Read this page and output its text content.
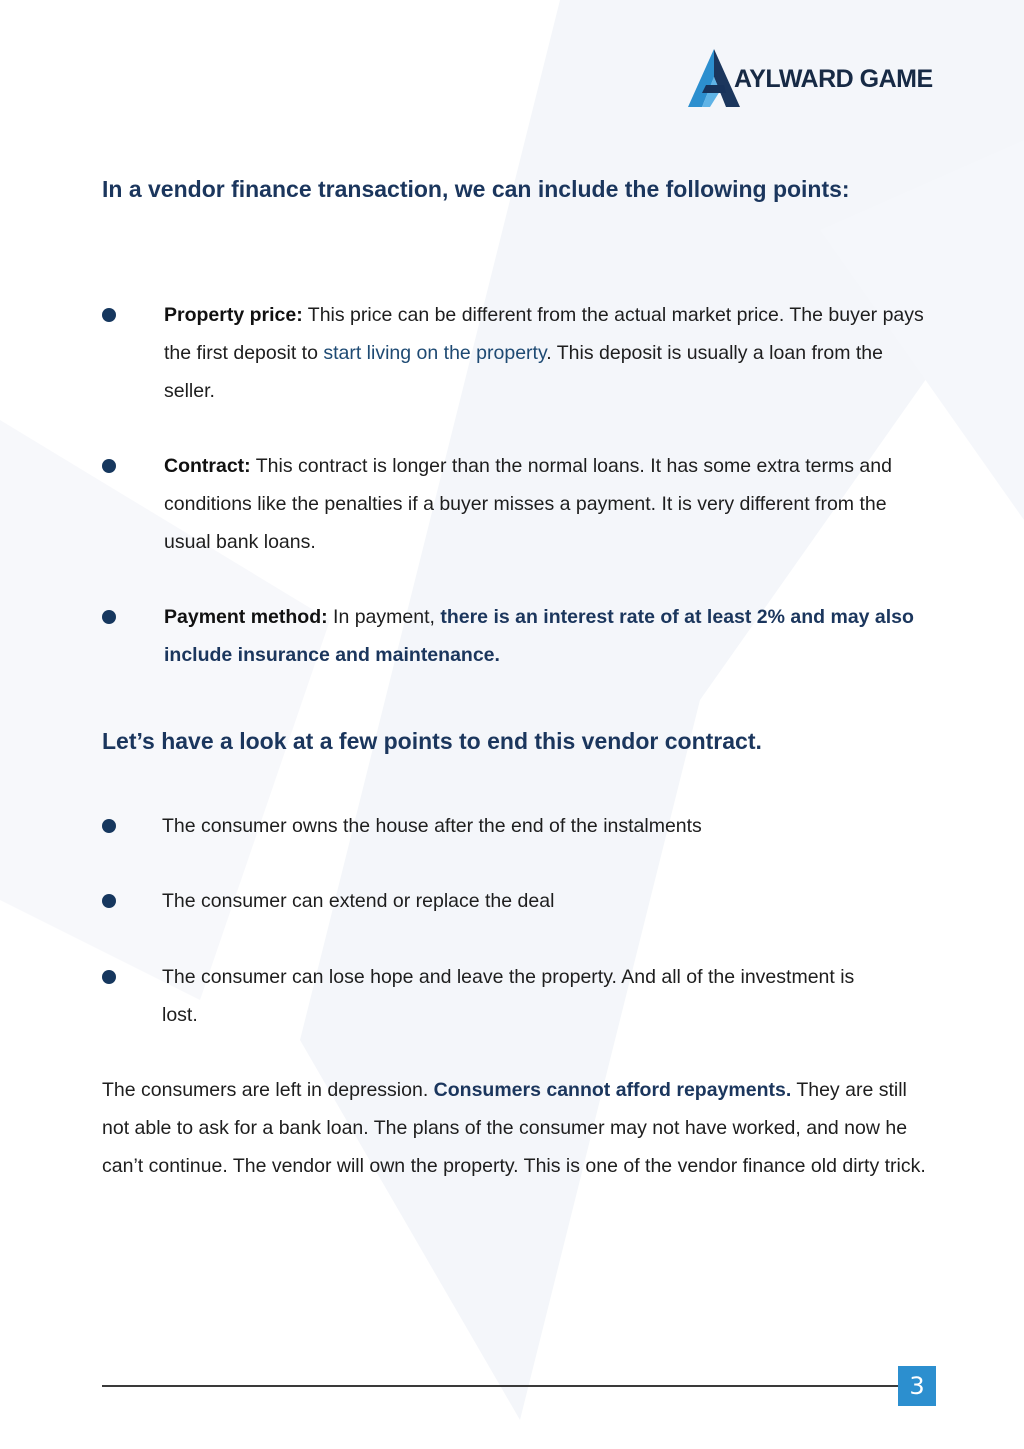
AYLWARD GAME
In a vendor finance transaction, we can include the following points:

Property price: This price can be different from the actual market price. The buyer pays the first deposit to start living on the property. This deposit is usually a loan from the seller.

Contract: This contract is longer than the normal loans. It has some extra terms and conditions like the penalties if a buyer misses a payment. It is very different from the usual bank loans.

Payment method: In payment, there is an interest rate of at least 2% and may also include insurance and maintenance.

Let’s have a look at a few points to end this vendor contract.

The consumer owns the house after the end of the instalments

The consumer can extend or replace the deal

The consumer can lose hope and leave the property. And all of the investment is lost.

The consumers are left in depression. Consumers cannot afford repayments. They are still not able to ask for a bank loan. The plans of the consumer may not have worked, and now he can’t continue. The vendor will own the property. This is one of the vendor finance old dirty trick.

3
